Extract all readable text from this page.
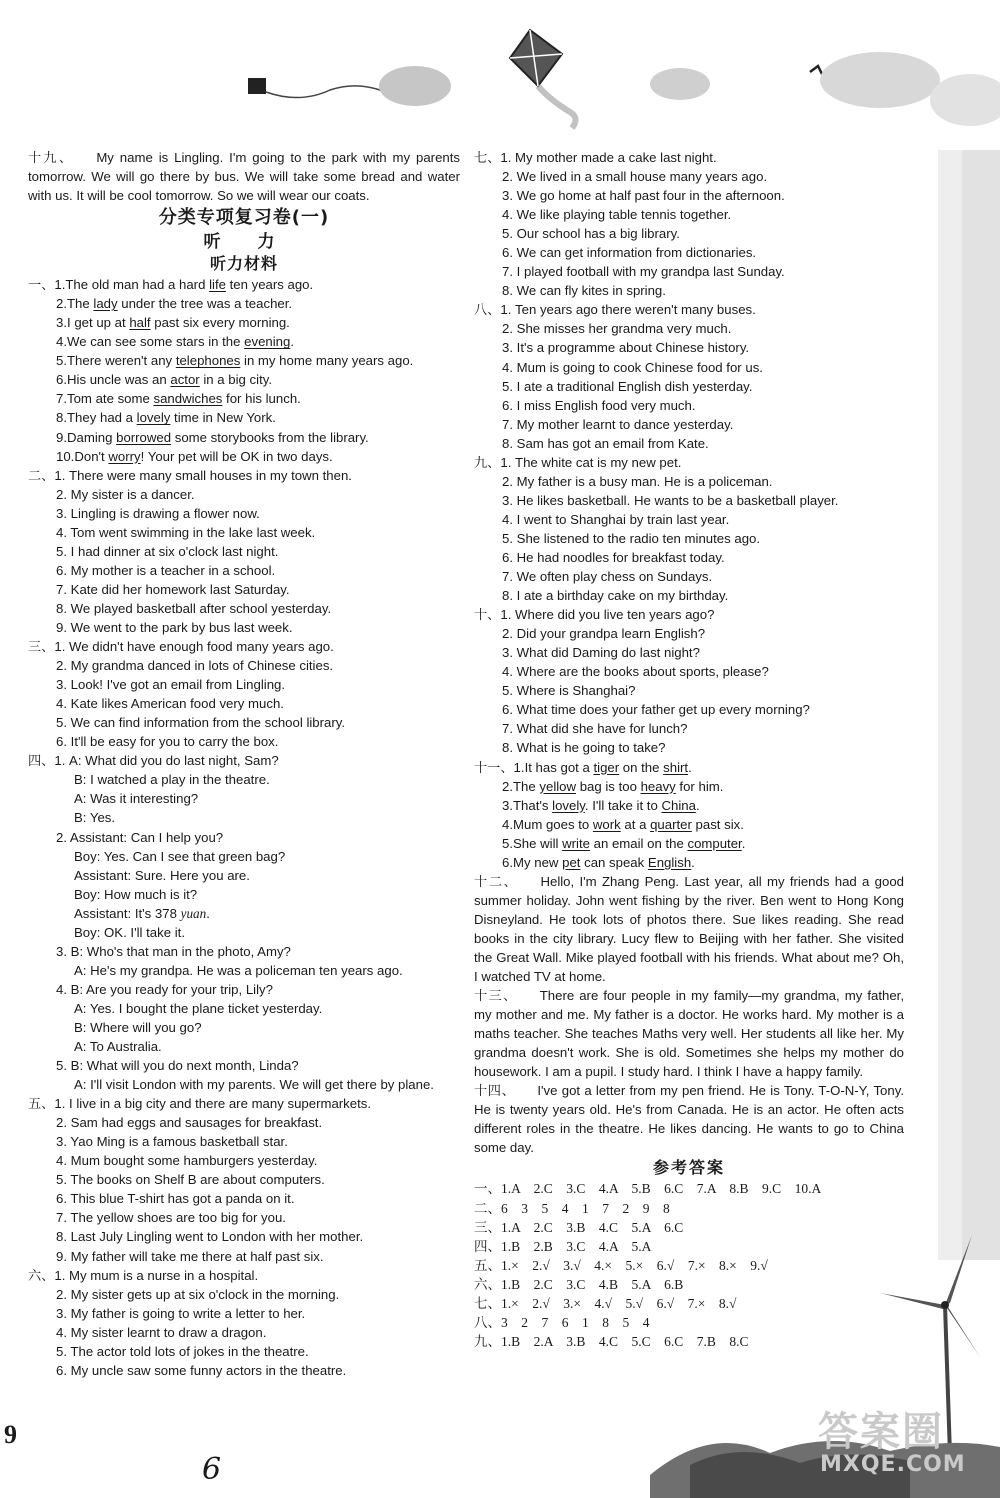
十九、 My name is Lingling. I'm going to the park with my parents tomorrow. We will go there by bus. We will take some bread and water with us. It will be cool tomorrow. So we will wear our coats.
分类专项复习卷(一)
听　力
听力材料
一、1.The old man had a hard life ten years ago.
2.The lady under the tree was a teacher.
3.I get up at half past six every morning.
4.We can see some stars in the evening.
5.There weren't any telephones in my home many years ago.
6.His uncle was an actor in a big city.
7.Tom ate some sandwiches for his lunch.
8.They had a lovely time in New York.
9.Daming borrowed some storybooks from the library.
10.Don't worry! Your pet will be OK in two days.
二、1. There were many small houses in my town then.
2. My sister is a dancer.
3. Lingling is drawing a flower now.
4. Tom went swimming in the lake last week.
5. I had dinner at six o'clock last night.
6. My mother is a teacher in a school.
7. Kate did her homework last Saturday.
8. We played basketball after school yesterday.
9. We went to the park by bus last week.
三、1. We didn't have enough food many years ago.
2. My grandma danced in lots of Chinese cities.
3. Look! I've got an email from Lingling.
4. Kate likes American food very much.
5. We can find information from the school library.
6. It'll be easy for you to carry the box.
四、1. A: What did you do last night, Sam?
B: I watched a play in the theatre.
A: Was it interesting?
B: Yes.
2. Assistant: Can I help you?
Boy: Yes. Can I see that green bag?
Assistant: Sure. Here you are.
Boy: How much is it?
Assistant: It's 378 yuan.
Boy: OK. I'll take it.
3. B: Who's that man in the photo, Amy?
A: He's my grandpa. He was a policeman ten years ago.
4. B: Are you ready for your trip, Lily?
A: Yes. I bought the plane ticket yesterday.
B: Where will you go?
A: To Australia.
5. B: What will you do next month, Linda?
A: I'll visit London with my parents. We will get there by plane.
五、1. I live in a big city and there are many supermarkets.
2. Sam had eggs and sausages for breakfast.
3. Yao Ming is a famous basketball star.
4. Mum bought some hamburgers yesterday.
5. The books on Shelf B are about computers.
6. This blue T-shirt has got a panda on it.
7. The yellow shoes are too big for you.
8. Last July Lingling went to London with her mother.
9. My father will take me there at half past six.
六、1. My mum is a nurse in a hospital.
2. My sister gets up at six o'clock in the morning.
3. My father is going to write a letter to her.
4. My sister learnt to draw a dragon.
5. The actor told lots of jokes in the theatre.
6. My uncle saw some funny actors in the theatre.
七、1. My mother made a cake last night.
2. We lived in a small house many years ago.
3. We go home at half past four in the afternoon.
4. We like playing table tennis together.
5. Our school has a big library.
6. We can get information from dictionaries.
7. I played football with my grandpa last Sunday.
8. We can fly kites in spring.
八、1. Ten years ago there weren't many buses.
2. She misses her grandma very much.
3. It's a programme about Chinese history.
4. Mum is going to cook Chinese food for us.
5. I ate a traditional English dish yesterday.
6. I miss English food very much.
7. My mother learnt to dance yesterday.
8. Sam has got an email from Kate.
九、1. The white cat is my new pet.
2. My father is a busy man. He is a policeman.
3. He likes basketball. He wants to be a basketball player.
4. I went to Shanghai by train last year.
5. She listened to the radio ten minutes ago.
6. He had noodles for breakfast today.
7. We often play chess on Sundays.
8. I ate a birthday cake on my birthday.
十、1. Where did you live ten years ago?
2. Did your grandpa learn English?
3. What did Daming do last night?
4. Where are the books about sports, please?
5. Where is Shanghai?
6. What time does your father get up every morning?
7. What did she have for lunch?
8. What is he going to take?
十一、1.It has got a tiger on the shirt.
2.The yellow bag is too heavy for him.
3.That's lovely. I'll take it to China.
4.Mum goes to work at a quarter past six.
5.She will write an email on the computer.
6.My new pet can speak English.
十二、 Hello, I'm Zhang Peng. Last year, all my friends had a good summer holiday. John went fishing by the river. Ben went to Hong Kong Disneyland. He took lots of photos there. Sue likes reading. She read books in the city library. Lucy flew to Beijing with her father. She visited the Great Wall. Mike played football with his friends. What about me? Oh, I watched TV at home.
十三、 There are four people in my family—my grandma, my father, my mother and me. My father is a doctor. He works hard. My mother is a maths teacher. She teaches Maths very well. Her students all like her. My grandma doesn't work. She is old. Sometimes she helps my mother do housework. I am a pupil. I study hard. I think I have a happy family.
十四、 I've got a letter from my pen friend. He is Tony. T-O-N-Y, Tony. He is twenty years old. He's from Canada. He is an actor. He often acts different roles in the theatre. He likes dancing. He wants to go to China some day.
参考答案
一、1.A　2.C　3.C　4.A　5.B　6.C　7.A　8.B　9.C　10.A
二、6　3　5　4　1　7　2　9　8
三、1.A　2.C　3.B　4.C　5.A　6.C
四、1.B　2.B　3.C　4.A　5.A
五、1.×　2.√　3.√　4.×　5.×　6.√　7.×　8.×　9.√
六、1.B　2.C　3.C　4.B　5.A　6.B
七、1.×　2.√　3.×　4.√　5.√　6.√　7.×　8.√
八、3　2　7　6　1　8　5　4
九、1.B　2.A　3.B　4.C　5.C　6.C　7.B　8.C
9
6
答案圈
MXQE.COM
